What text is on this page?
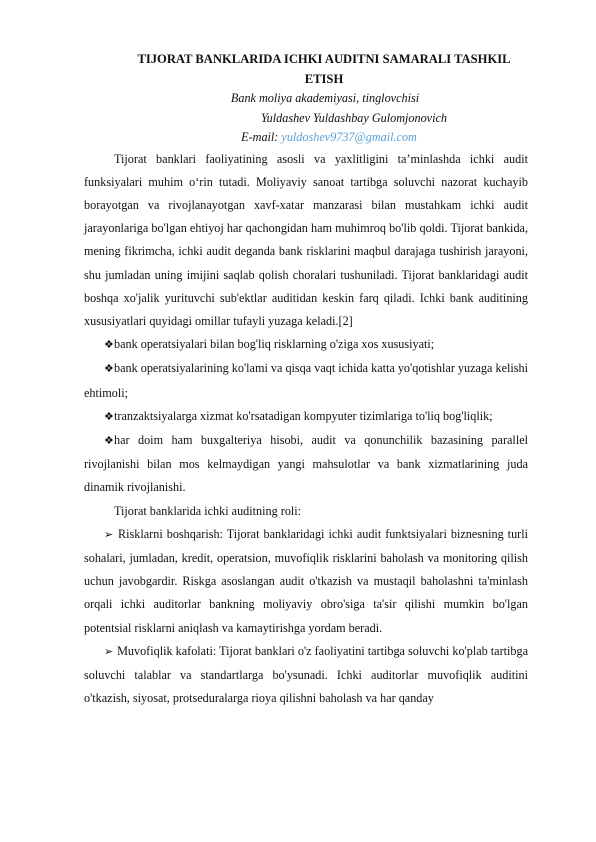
TIJORAT BANKLARIDA ICHKI AUDITNI SAMARALI TASHKIL
ETISH
Bank moliya akademiyasi, tinglovchisi
Yuldashev Yuldashbay Gulomjonovich
E-mail: yuldoshev9737@gmail.com

Tijorat banklari faoliyatining asosli va yaxlitligini ta’minlashda ichki audit funksiyalari muhim o‘rin tutadi. Moliyaviy sanoat tartibga soluvchi nazorat kuchayib borayotgan va rivojlanayotgan xavf-xatar manzarasi bilan mustahkam ichki audit jarayonlariga bo'lgan ehtiyoj har qachongidan ham muhimroq bo'lib qoldi. Tijorat bankida, mening fikrimcha, ichki audit deganda bank risklarini maqbul darajaga tushirish jarayoni, shu jumladan uning imijini saqlab qolish choralari tushuniladi. Tijorat banklaridagi audit boshqa xo'jalik yurituvchi sub'ektlar auditidan keskin farq qiladi. Ichki bank auditining xususiyatlari quyidagi omillar tufayli yuzaga keladi.[2]

❖bank operatsiyalari bilan bog'liq risklarning o'ziga xos xususiyati;

❖bank operatsiyalarining ko'lami va qisqa vaqt ichida katta yo'qotishlar yuzaga kelishi ehtimoli;

❖tranzaktsiyalarga xizmat ko'rsatadigan kompyuter tizimlariga to'liq bog'liqlik;

❖har doim ham buxgalteriya hisobi, audit va qonunchilik bazasining parallel rivojlanishi bilan mos kelmaydigan yangi mahsulotlar va bank xizmatlarining juda dinamik rivojlanishi.

Tijorat banklarida ichki auditning roli:

➢ Risklarni boshqarish: Tijorat banklaridagi ichki audit funktsiyalari biznesning turli sohalari, jumladan, kredit, operatsion, muvofiqlik risklarini baholash va monitoring qilish uchun javobgardir. Riskga asoslangan audit o'tkazish va mustaqil baholashni ta'minlash orqali ichki auditorlar bankning moliyaviy obro'siga ta'sir qilishi mumkin bo'lgan potentsial risklarni aniqlash va kamaytirishga yordam beradi.

➢ Muvofiqlik kafolati: Tijorat banklari o'z faoliyatini tartibga soluvchi ko'plab tartibga soluvchi talablar va standartlarga bo'ysunadi. Ichki auditorlar muvofiqlik auditini o'tkazish, siyosat, protseduralarga rioya qilishni baholash va har qanday
